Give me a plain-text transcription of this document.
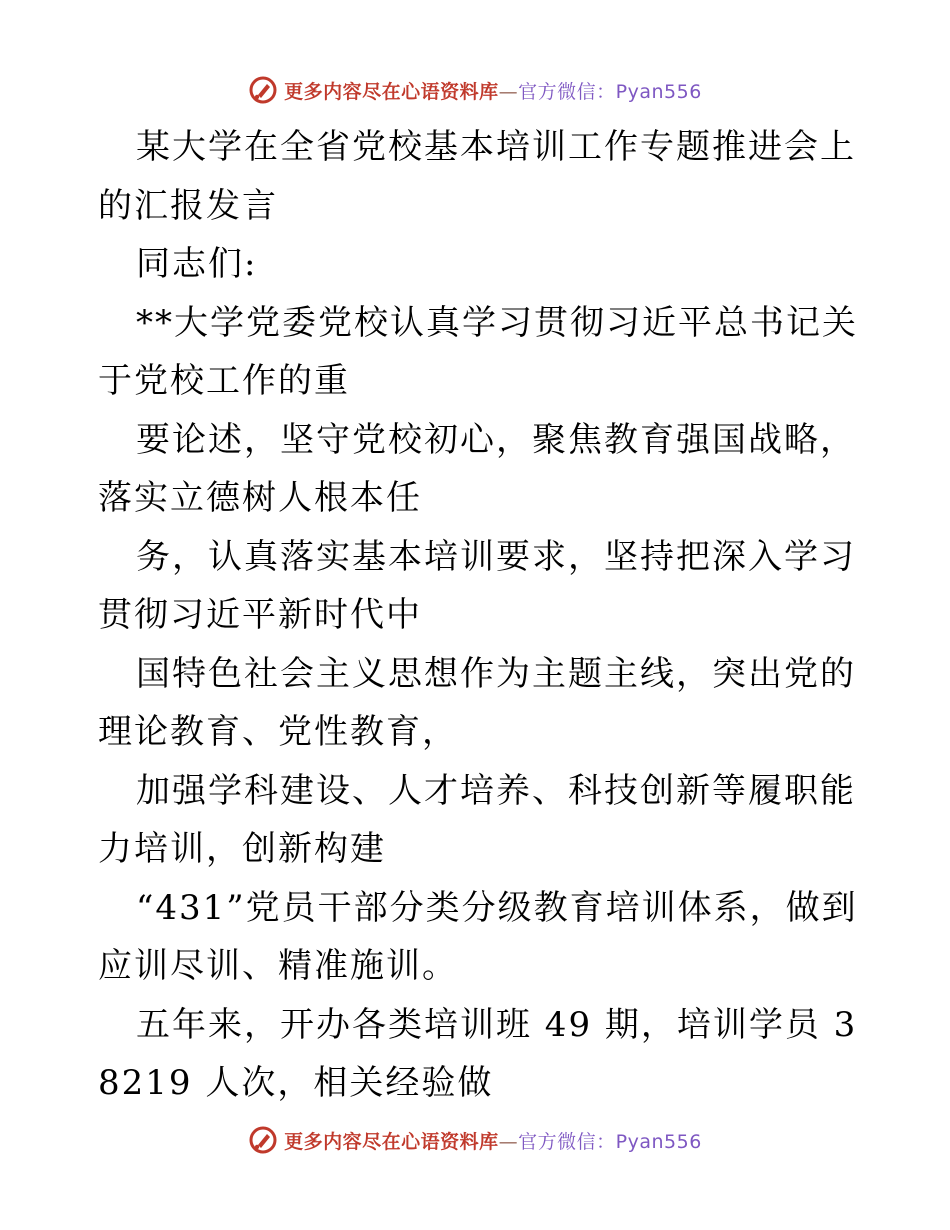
更多内容尽在心语资料库—官方微信：Pyan556

某大学在全省党校基本培训工作专题推进会上的汇报发言

同志们:

**大学党委党校认真学习贯彻习近平总书记关于党校工作的重

要论述，坚守党校初心，聚焦教育强国战略，落实立德树人根本任

务，认真落实基本培训要求，坚持把深入学习贯彻习近平新时代中

国特色社会主义思想作为主题主线，突出党的理论教育、党性教育，

加强学科建设、人才培养、科技创新等履职能力培训，创新构建

“431”党员干部分类分级教育培训体系，做到应训尽训、精准施训。

五年来，开办各类培训班 49 期，培训学员 38219 人次，相关经验做

更多内容尽在心语资料库—官方微信：Pyan556
